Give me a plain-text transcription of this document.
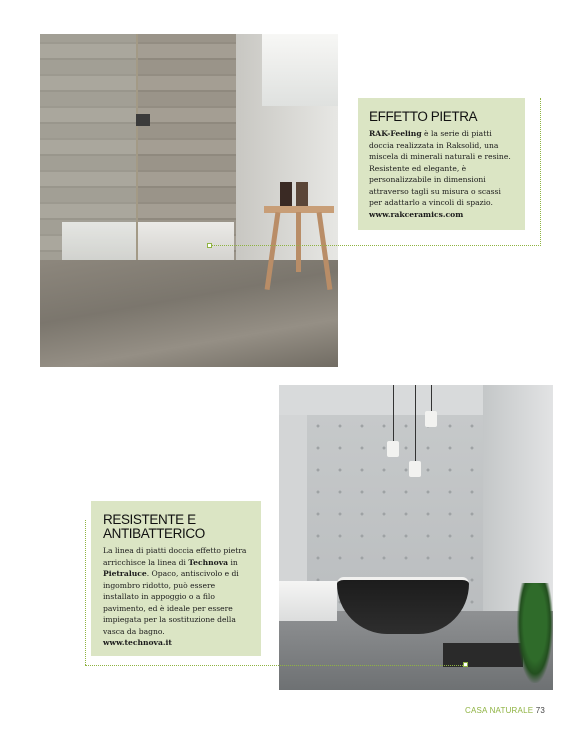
EFFETTO PIETRA

RAK-Feeling è la serie di piatti doccia realizzata in Raksolid, una miscela di minerali naturali e resine. Resistente ed elegante, è personalizzabile in dimensioni attraverso tagli su misura o scassi per adattarlo a vincoli di spazio.

www.rakceramics.com

RESISTENTE E ANTIBATTERICO

La linea di piatti doccia effetto pietra arricchisce la linea di Technova in Pietraluce. Opaco, antiscivolo e di ingombro ridotto, può essere installato in appoggio o a filo pavimento, ed è ideale per essere impiegata per la sostituzione della vasca da bagno.

www.technova.it

CASA NATURALE 73
